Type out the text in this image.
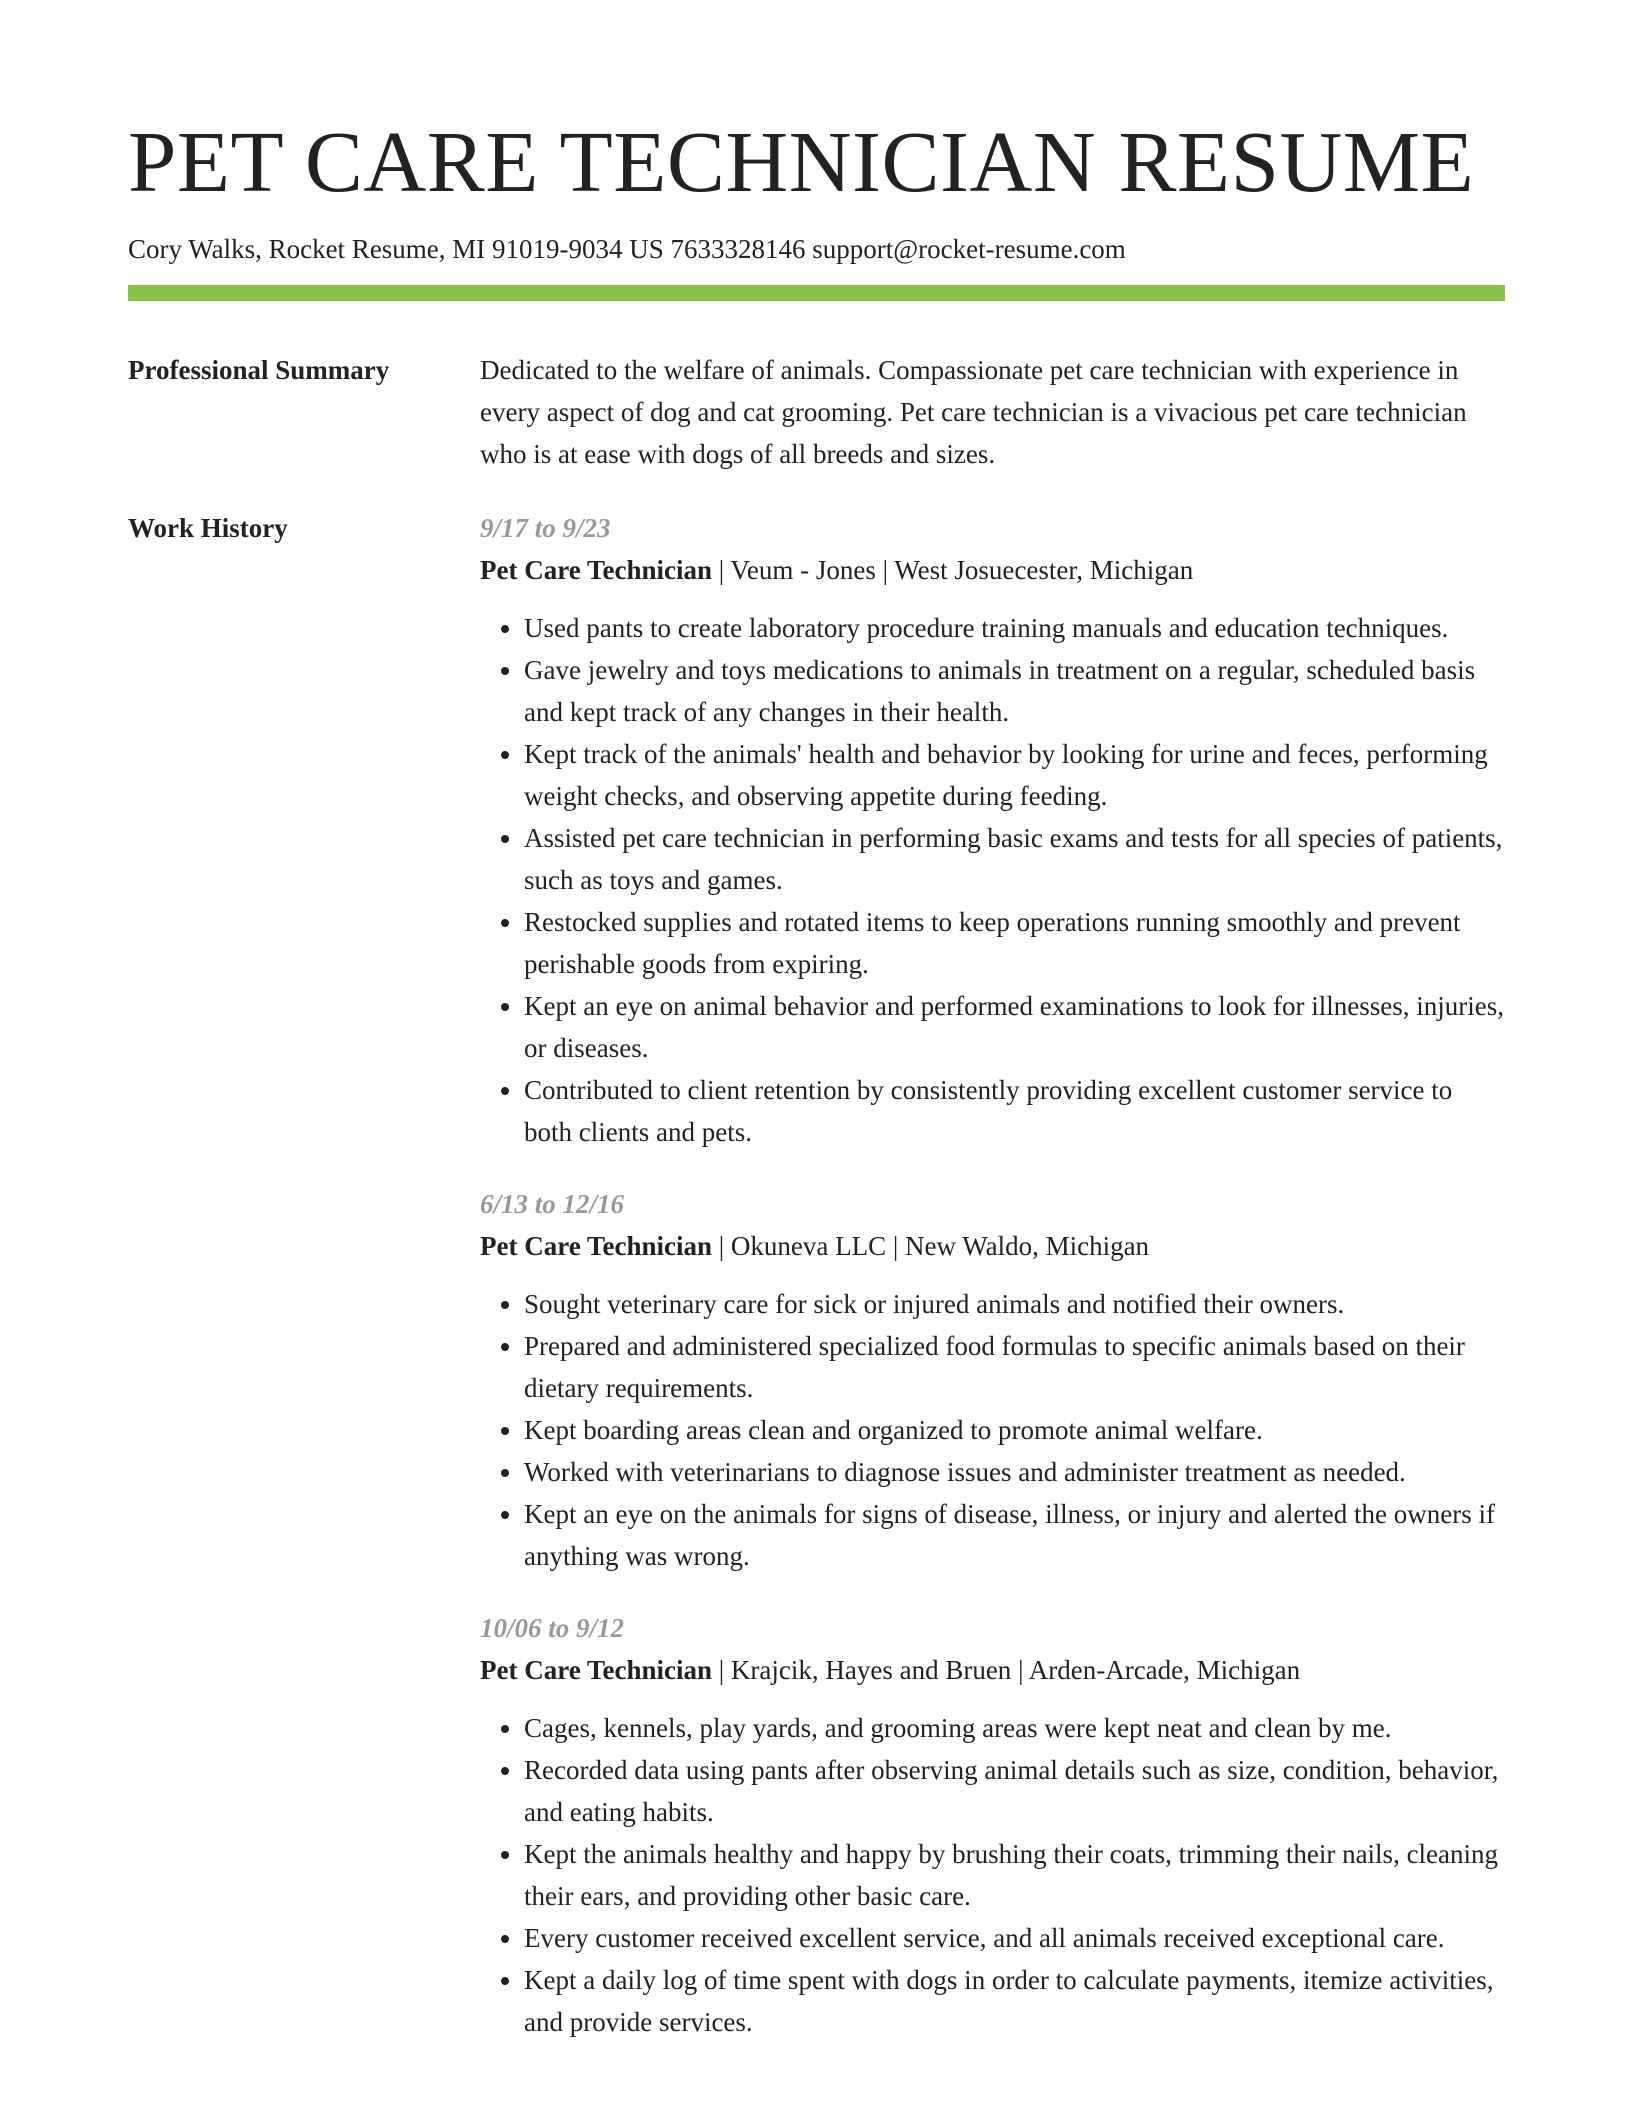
PET CARE TECHNICIAN RESUME
Cory Walks, Rocket Resume, MI 91019-9034 US 7633328146 support@rocket-resume.com
Professional Summary	Dedicated to the welfare of animals. Compassionate pet care technician with experience in every aspect of dog and cat grooming. Pet care technician is a vivacious pet care technician who is at ease with dogs of all breeds and sizes.

Work History	9/17 to 9/23
Pet Care Technician | Veum - Jones | West Josuecester, Michigan
• Used pants to create laboratory procedure training manuals and education techniques.
• Gave jewelry and toys medications to animals in treatment on a regular, scheduled basis and kept track of any changes in their health.
• Kept track of the animals' health and behavior by looking for urine and feces, performing weight checks, and observing appetite during feeding.
• Assisted pet care technician in performing basic exams and tests for all species of patients, such as toys and games.
• Restocked supplies and rotated items to keep operations running smoothly and prevent perishable goods from expiring.
• Kept an eye on animal behavior and performed examinations to look for illnesses, injuries, or diseases.
• Contributed to client retention by consistently providing excellent customer service to both clients and pets.
6/13 to 12/16
Pet Care Technician | Okuneva LLC | New Waldo, Michigan
• Sought veterinary care for sick or injured animals and notified their owners.
• Prepared and administered specialized food formulas to specific animals based on their dietary requirements.
• Kept boarding areas clean and organized to promote animal welfare.
• Worked with veterinarians to diagnose issues and administer treatment as needed.
• Kept an eye on the animals for signs of disease, illness, or injury and alerted the owners if anything was wrong.
10/06 to 9/12
Pet Care Technician | Krajcik, Hayes and Bruen | Arden-Arcade, Michigan
• Cages, kennels, play yards, and grooming areas were kept neat and clean by me.
• Recorded data using pants after observing animal details such as size, condition, behavior, and eating habits.
• Kept the animals healthy and happy by brushing their coats, trimming their nails, cleaning their ears, and providing other basic care.
• Every customer received excellent service, and all animals received exceptional care.
• Kept a daily log of time spent with dogs in order to calculate payments, itemize activities, and provide services.
